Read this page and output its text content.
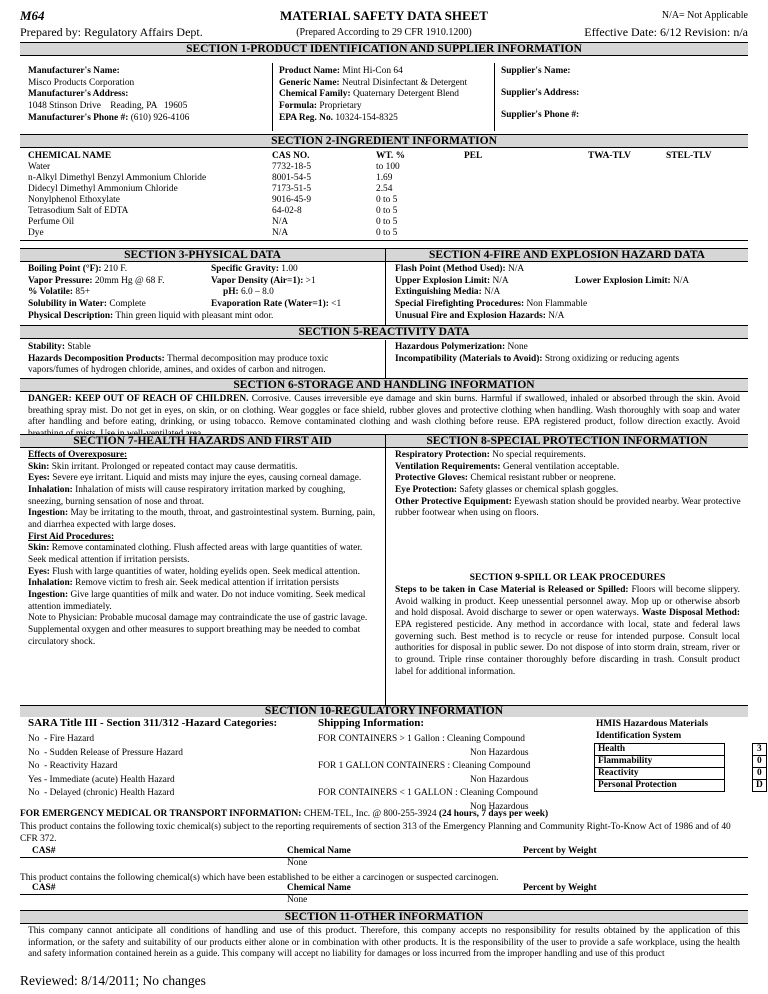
M64	MATERIAL SAFETY DATA SHEET	N/A= Not Applicable
Prepared by: Regulatory Affairs Dept.	(Prepared According to 29 CFR 1910.1200)	Effective Date: 6/12 Revision: n/a
SECTION 1-PRODUCT IDENTIFICATION AND SUPPLIER INFORMATION
Manufacturer's Name:
Misco Products Corporation
Manufacturer's Address:
1048 Stinson Drive    Reading, PA   19605
Manufacturer's Phone #: (610) 926-4106
Product Name: Mint Hi-Con 64
Generic Name: Neutral Disinfectant & Detergent
Chemical Family: Quaternary Detergent Blend
Formula: Proprietary
EPA Reg. No. 10324-154-8325
Supplier's Name:
Supplier's Address:
Supplier's Phone #:
SECTION 2-INGREDIENT INFORMATION
CHEMICAL NAME	CAS NO.	WT. %	PEL	TWA-TLV	STEL-TLV
Water	7732-18-5	to 100
n-Alkyl Dimethyl Benzyl Ammonium Chloride	8001-54-5	1.69
Didecyl Dimethyl Ammonium Chloride	7173-51-5	2.54
Nonylphenol Ethoxylate	9016-45-9	0 to 5
Tetrasodium Salt of EDTA	64-02-8	0 to 5
Perfume Oil	N/A	0 to 5
Dye	N/A	0 to 5
SECTION 3-PHYSICAL DATA	SECTION 4-FIRE AND EXPLOSION HAZARD DATA
Boiling Point (°F): 210 F.	Specific Gravity: 1.00
Vapor Pressure: 20mm Hg @ 68 F.	Vapor Density (Air=1): >1
% Volatile: 85+	pH: 6.0 – 8.0
Solubility in Water: Complete	Evaporation Rate (Water=1): <1
Physical Description: Thin green liquid with pleasant mint odor.
Flash Point (Method Used): N/A
Upper Explosion Limit: N/A	Lower Explosion Limit: N/A
Extinguishing Media: N/A
Special Firefighting Procedures: Non Flammable
Unusual Fire and Explosion Hazards: N/A
SECTION 5-REACTIVITY DATA
Stability: Stable
Hazards Decomposition Products: Thermal decomposition may produce toxic vapors/fumes of hydrogen chloride, amines, and oxides of carbon and nitrogen.
Hazardous Polymerization: None
Incompatibility (Materials to Avoid): Strong oxidizing or reducing agents
SECTION 6-STORAGE AND HANDLING INFORMATION
DANGER: KEEP OUT OF REACH OF CHILDREN. Corrosive. Causes irreversible eye damage and skin burns. Harmful if swallowed, inhaled or absorbed through the skin. Avoid breathing spray mist. Do not get in eyes, on skin, or on clothing. Wear goggles or face shield, rubber gloves and protective clothing when handling. Wash thoroughly with soap and water after handling and before eating, drinking, or using tobacco. Remove contaminated clothing and wash clothing before reuse. EPA registered product, follow direction exactly. Avoid
SECTION 7-HEALTH HAZARDS AND FIRST AID	SECTION 8-SPECIAL PROTECTION INFORMATION
Effects of Overexposure:
Skin: Skin irritant. Prolonged or repeated contact may cause dermatitis.
Eyes: Severe eye irritant. Liquid and mists may injure the eyes, causing corneal damage.
Inhalation: Inhalation of mists will cause respiratory irritation marked by coughing, sneezing, burning sensation of nose and throat.
Ingestion: May be irritating to the mouth, throat, and gastrointestinal system. Burning, pain, and diarrhea expected with large doses.
First Aid Procedures:
Skin: Remove contaminated clothing. Flush affected areas with large quantities of water. Seek medical attention if irritation persists.
Eyes: Flush with large quantities of water, holding eyelids open. Seek medical attention.
Inhalation: Remove victim to fresh air. Seek medical attention if irritation persists
Ingestion: Give large quantities of milk and water. Do not induce vomiting. Seek medical attention immediately.
Note to Physician: Probable mucosal damage may contraindicate the use of gastric lavage. Supplemental oxygen and other measures to support breathing may be needed to combat circulatory shock.
Respiratory Protection: No special requirements.
Ventilation Requirements: General ventilation acceptable.
Protective Gloves: Chemical resistant rubber or neoprene.
Eye Protection: Safety glasses or chemical splash goggles.
Other Protective Equipment: Eyewash station should be provided nearby. Wear protective rubber footwear when using on floors.
SECTION 9-SPILL OR LEAK PROCEDURES
Steps to be taken in Case Material is Released or Spilled: Floors will become slippery. Avoid walking in product. Keep unessential personnel away. Mop up or otherwise absorb and hold disposal. Avoid discharge to sewer or open waterways. Waste Disposal Method: EPA registered pesticide. Any method in accordance with local, state and federal laws governing such. Best method is to recycle or reuse for intended purpose. Consult local authorities for disposal in public sewer. Do not dispose of into storm drain, stream, river or to ground. Triple rinse container thoroughly before discarding in trash. Consult product label for additional information.
SECTION 10-REGULATORY INFORMATION
SARA Title III - Section 311/312 -Hazard Categories:
No  - Fire Hazard
No  - Sudden Release of Pressure Hazard
No  - Reactivity Hazard
Yes - Immediate (acute) Health Hazard
No  - Delayed (chronic) Health Hazard
Shipping Information:
FOR CONTAINERS > 1 Gallon : Cleaning Compound
Non Hazardous
FOR 1 GALLON CONTAINERS : Cleaning Compound
Non Hazardous
FOR CONTAINERS < 1 GALLON : Cleaning Compound
Non Hazardous
HMIS Hazardous Materials
Identification System
Health		3
Flammability		0
Reactivity		0
Personal Protection		D
FOR EMERGENCY MEDICAL OR TRANSPORT INFORMATION: CHEM-TEL, Inc. @ 800-255-3924 (24 hours, 7 days per week)
This product contains the following toxic chemical(s) subject to the reporting requirements of section 313 of the Emergency Planning and Community Right-To-Know Act of 1986 and of 40 CFR 372.
CAS#	Chemical Name	Percent by Weight
None
This product contains the following chemical(s) which have been established to be either a carcinogen or suspected carcinogen.
CAS#	Chemical Name	Percent by Weight
None
SECTION 11-OTHER INFORMATION
This company cannot anticipate all conditions of handling and use of this product. Therefore, this company accepts no responsibility for results obtained by the application of this information, or the safety and suitability of our products either alone or in combination with other products. It is the responsibility of the user to provide a safe workplace, using the health and safety information contained herein as a guide. This company will accept no liability for damages or loss incurred from the improper handling and use of this product
Reviewed: 8/14/2011; No changes
